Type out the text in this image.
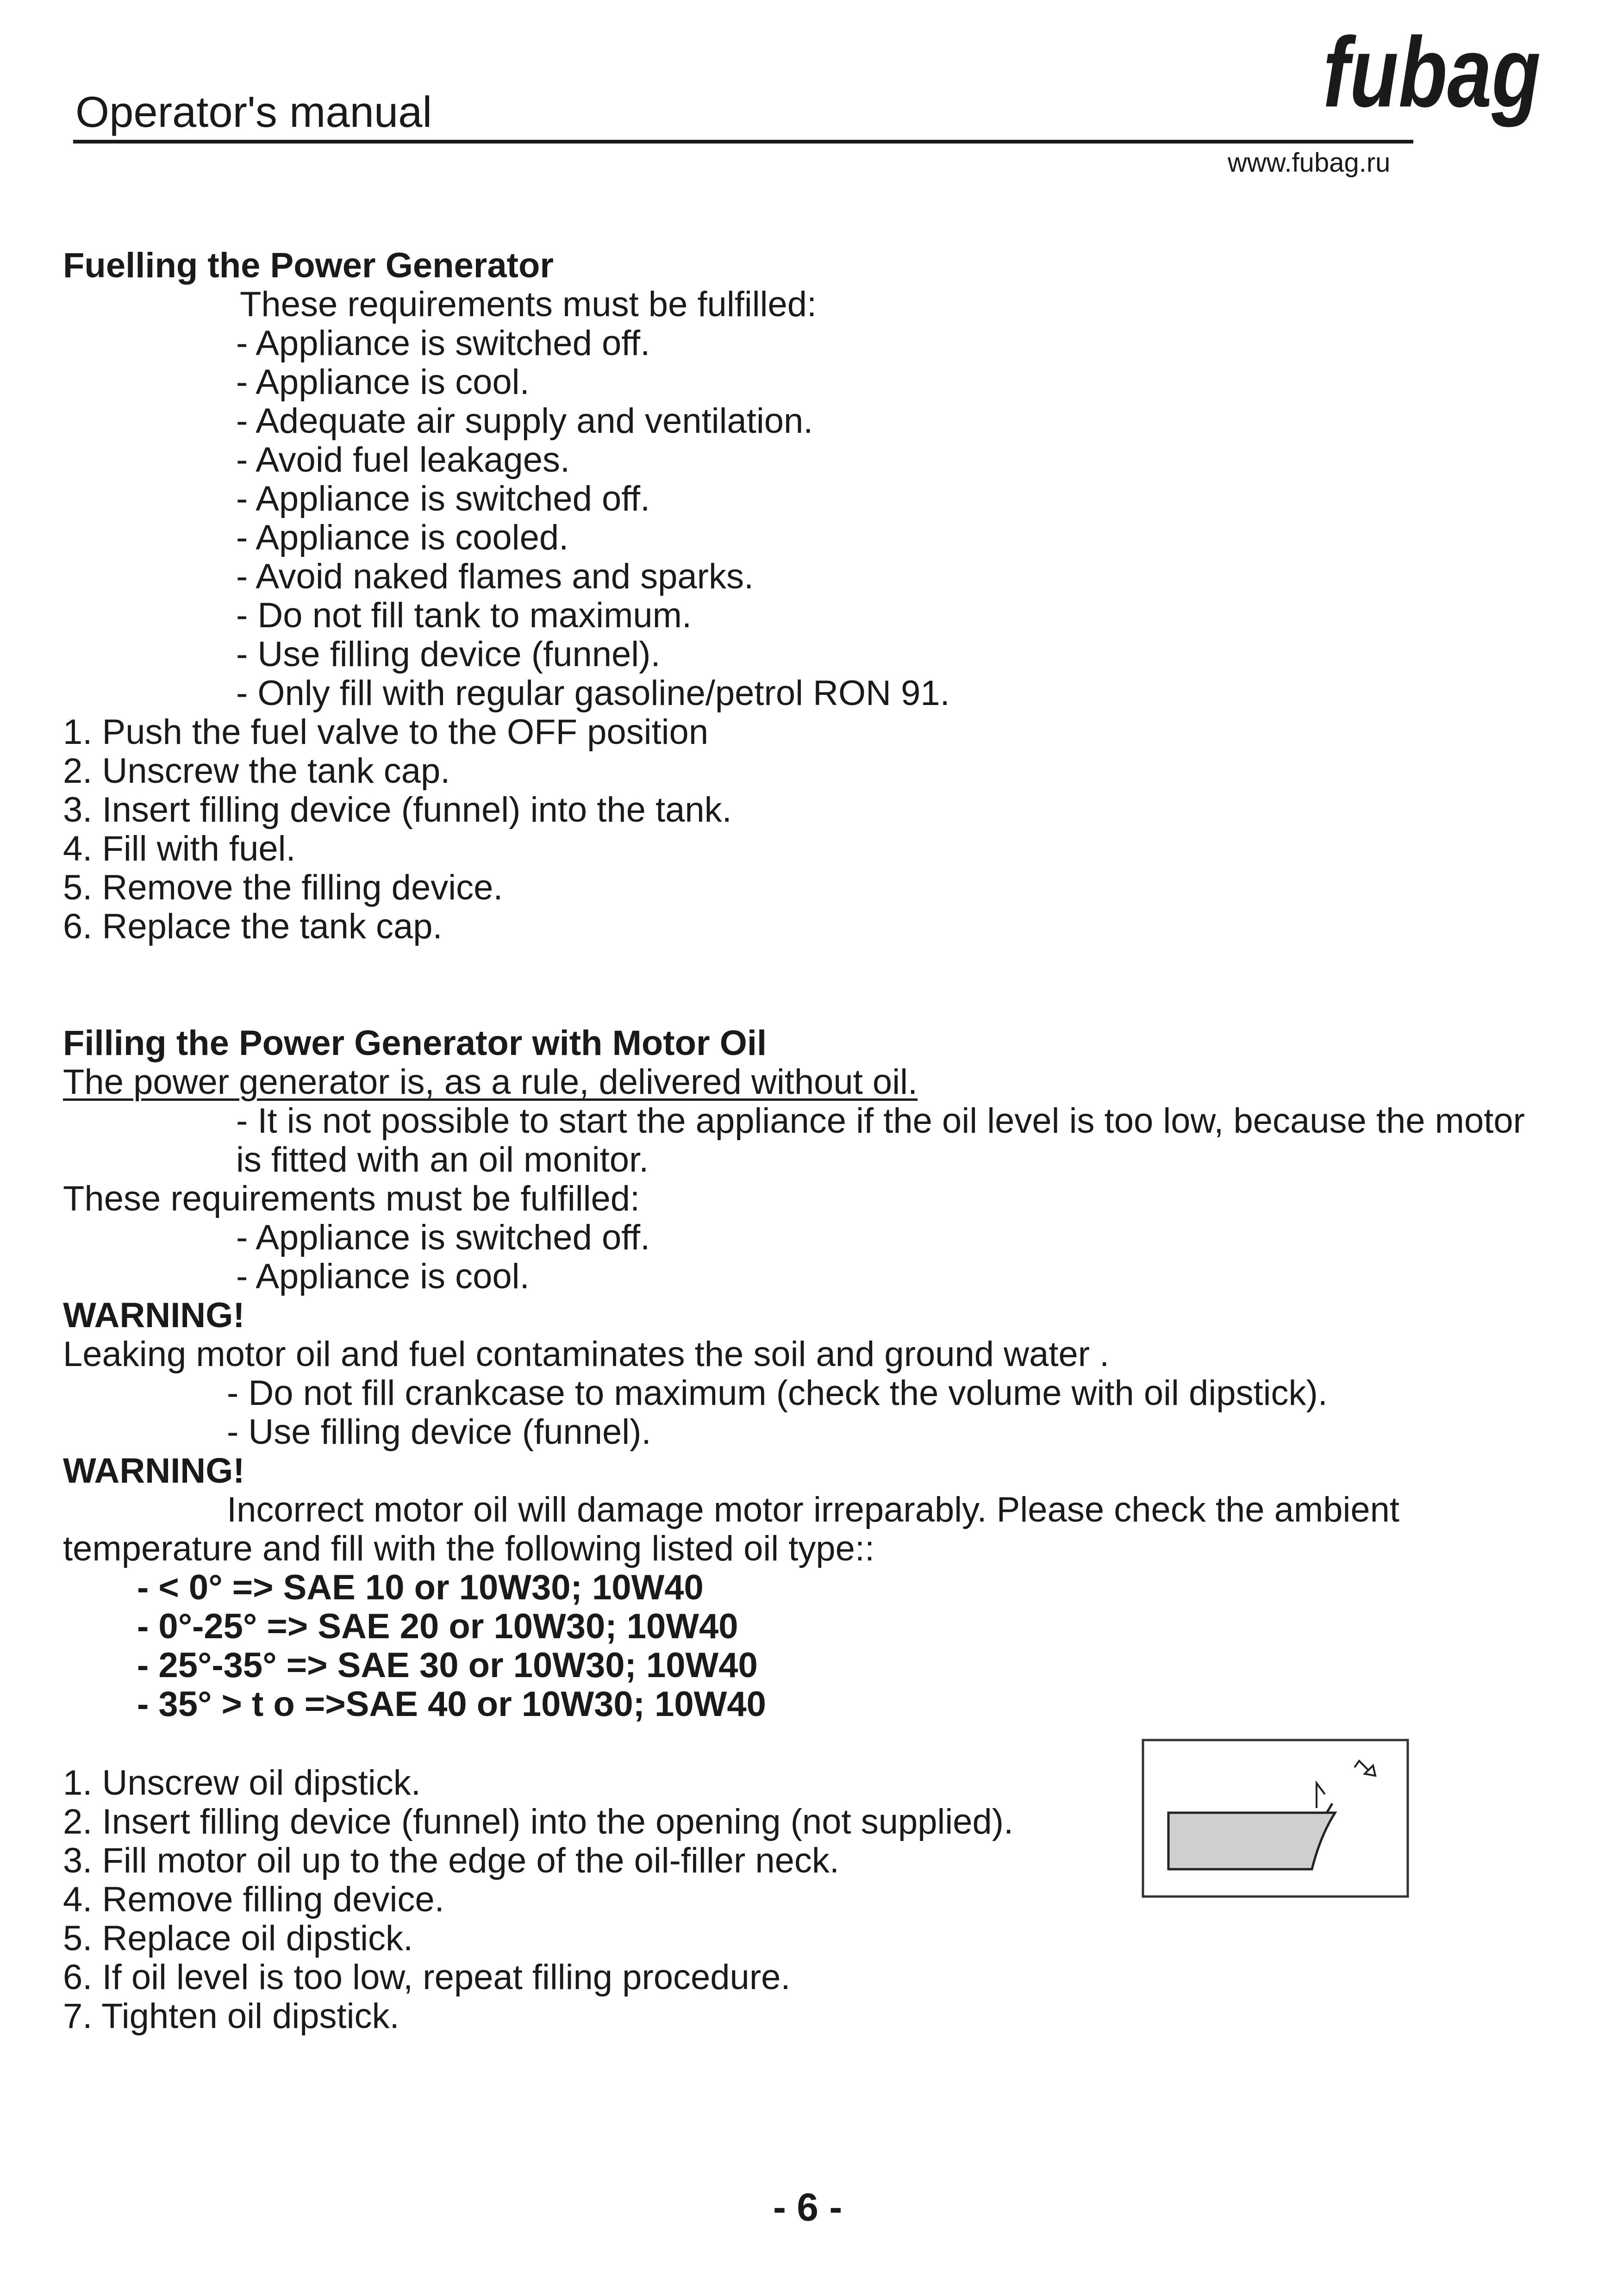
Operator's manual	fubag
www.fubag.ru
Fuelling the Power Generator
These requirements must be fulfilled:
- Appliance is switched off.
- Appliance is cool.
- Adequate air supply and ventilation.
- Avoid fuel leakages.
- Appliance is switched off.
- Appliance is cooled.
- Avoid naked flames and sparks.
- Do not fill tank to maximum.
- Use filling device (funnel).
- Only fill with regular gasoline/petrol RON 91.
1. Push the fuel valve to the OFF position
2. Unscrew the tank cap.
3. Insert filling device (funnel) into the tank.
4. Fill with fuel.
5. Remove the filling device.
6. Replace the tank cap.
Filling the Power Generator with Motor Oil
The power generator is, as a rule, delivered without oil.
- It is not possible to start the appliance if the oil level is too low, because the motor is fitted with an oil monitor.
These requirements must be fulfilled:
- Appliance is switched off.
- Appliance is cool.
WARNING!
Leaking motor oil and fuel contaminates the soil and ground water .
- Do not fill crankcase to maximum (check the volume with oil dipstick).
- Use filling device (funnel).
WARNING!
Incorrect motor oil will damage motor irreparably. Please check the ambient temperature and fill with the following listed oil type::
- < 0° => SAE 10 or 10W30; 10W40
- 0°-25° => SAE 20 or 10W30; 10W40
- 25°-35° => SAE 30 or 10W30; 10W40
- 35° > t o =>SAE 40 or 10W30; 10W40
1. Unscrew oil dipstick.
2. Insert filling device (funnel) into the opening (not supplied).
3. Fill motor oil up to the edge of the oil-filler neck.
4. Remove filling device.
5. Replace oil dipstick.
6. If oil level is too low, repeat filling procedure.
7. Tighten oil dipstick.
- 6 -
